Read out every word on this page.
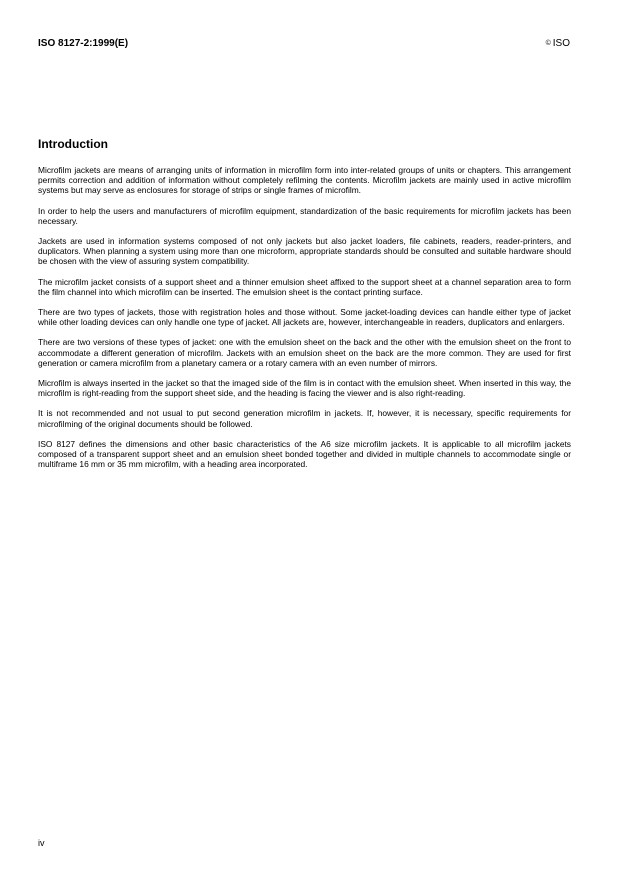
ISO 8127-2:1999(E)	© ISO
Introduction

Microfilm jackets are means of arranging units of information in microfilm form into inter-related groups of units or chapters. This arrangement permits correction and addition of information without completely refilming the contents. Microfilm jackets are mainly used in active microfilm systems but may serve as enclosures for storage of strips or single frames of microfilm.

In order to help the users and manufacturers of microfilm equipment, standardization of the basic requirements for microfilm jackets has been necessary.

Jackets are used in information systems composed of not only jackets but also jacket loaders, file cabinets, readers, reader-printers, and duplicators. When planning a system using more than one microform, appropriate standards should be consulted and suitable hardware should be chosen with the view of assuring system compatibility.

The microfilm jacket consists of a support sheet and a thinner emulsion sheet affixed to the support sheet at a channel separation area to form the film channel into which microfilm can be inserted. The emulsion sheet is the contact printing surface.

There are two types of jackets, those with registration holes and those without. Some jacket-loading devices can handle either type of jacket while other loading devices can only handle one type of jacket. All jackets are, however, interchangeable in readers, duplicators and enlargers.

There are two versions of these types of jacket: one with the emulsion sheet on the back and the other with the emulsion sheet on the front to accommodate a different generation of microfilm. Jackets with an emulsion sheet on the back are the more common. They are used for first generation or camera microfilm from a planetary camera or a rotary camera with an even number of mirrors.

Microfilm is always inserted in the jacket so that the imaged side of the film is in contact with the emulsion sheet. When inserted in this way, the microfilm is right-reading from the support sheet side, and the heading is facing the viewer and is also right-reading.

It is not recommended and not usual to put second generation microfilm in jackets. If, however, it is necessary, specific requirements for microfilming of the original documents should be followed.

ISO 8127 defines the dimensions and other basic characteristics of the A6 size microfilm jackets. It is applicable to all microfilm jackets composed of a transparent support sheet and an emulsion sheet bonded together and divided in multiple channels to accommodate single or multiframe 16 mm or 35 mm microfilm, with a heading area incorporated.

iv
